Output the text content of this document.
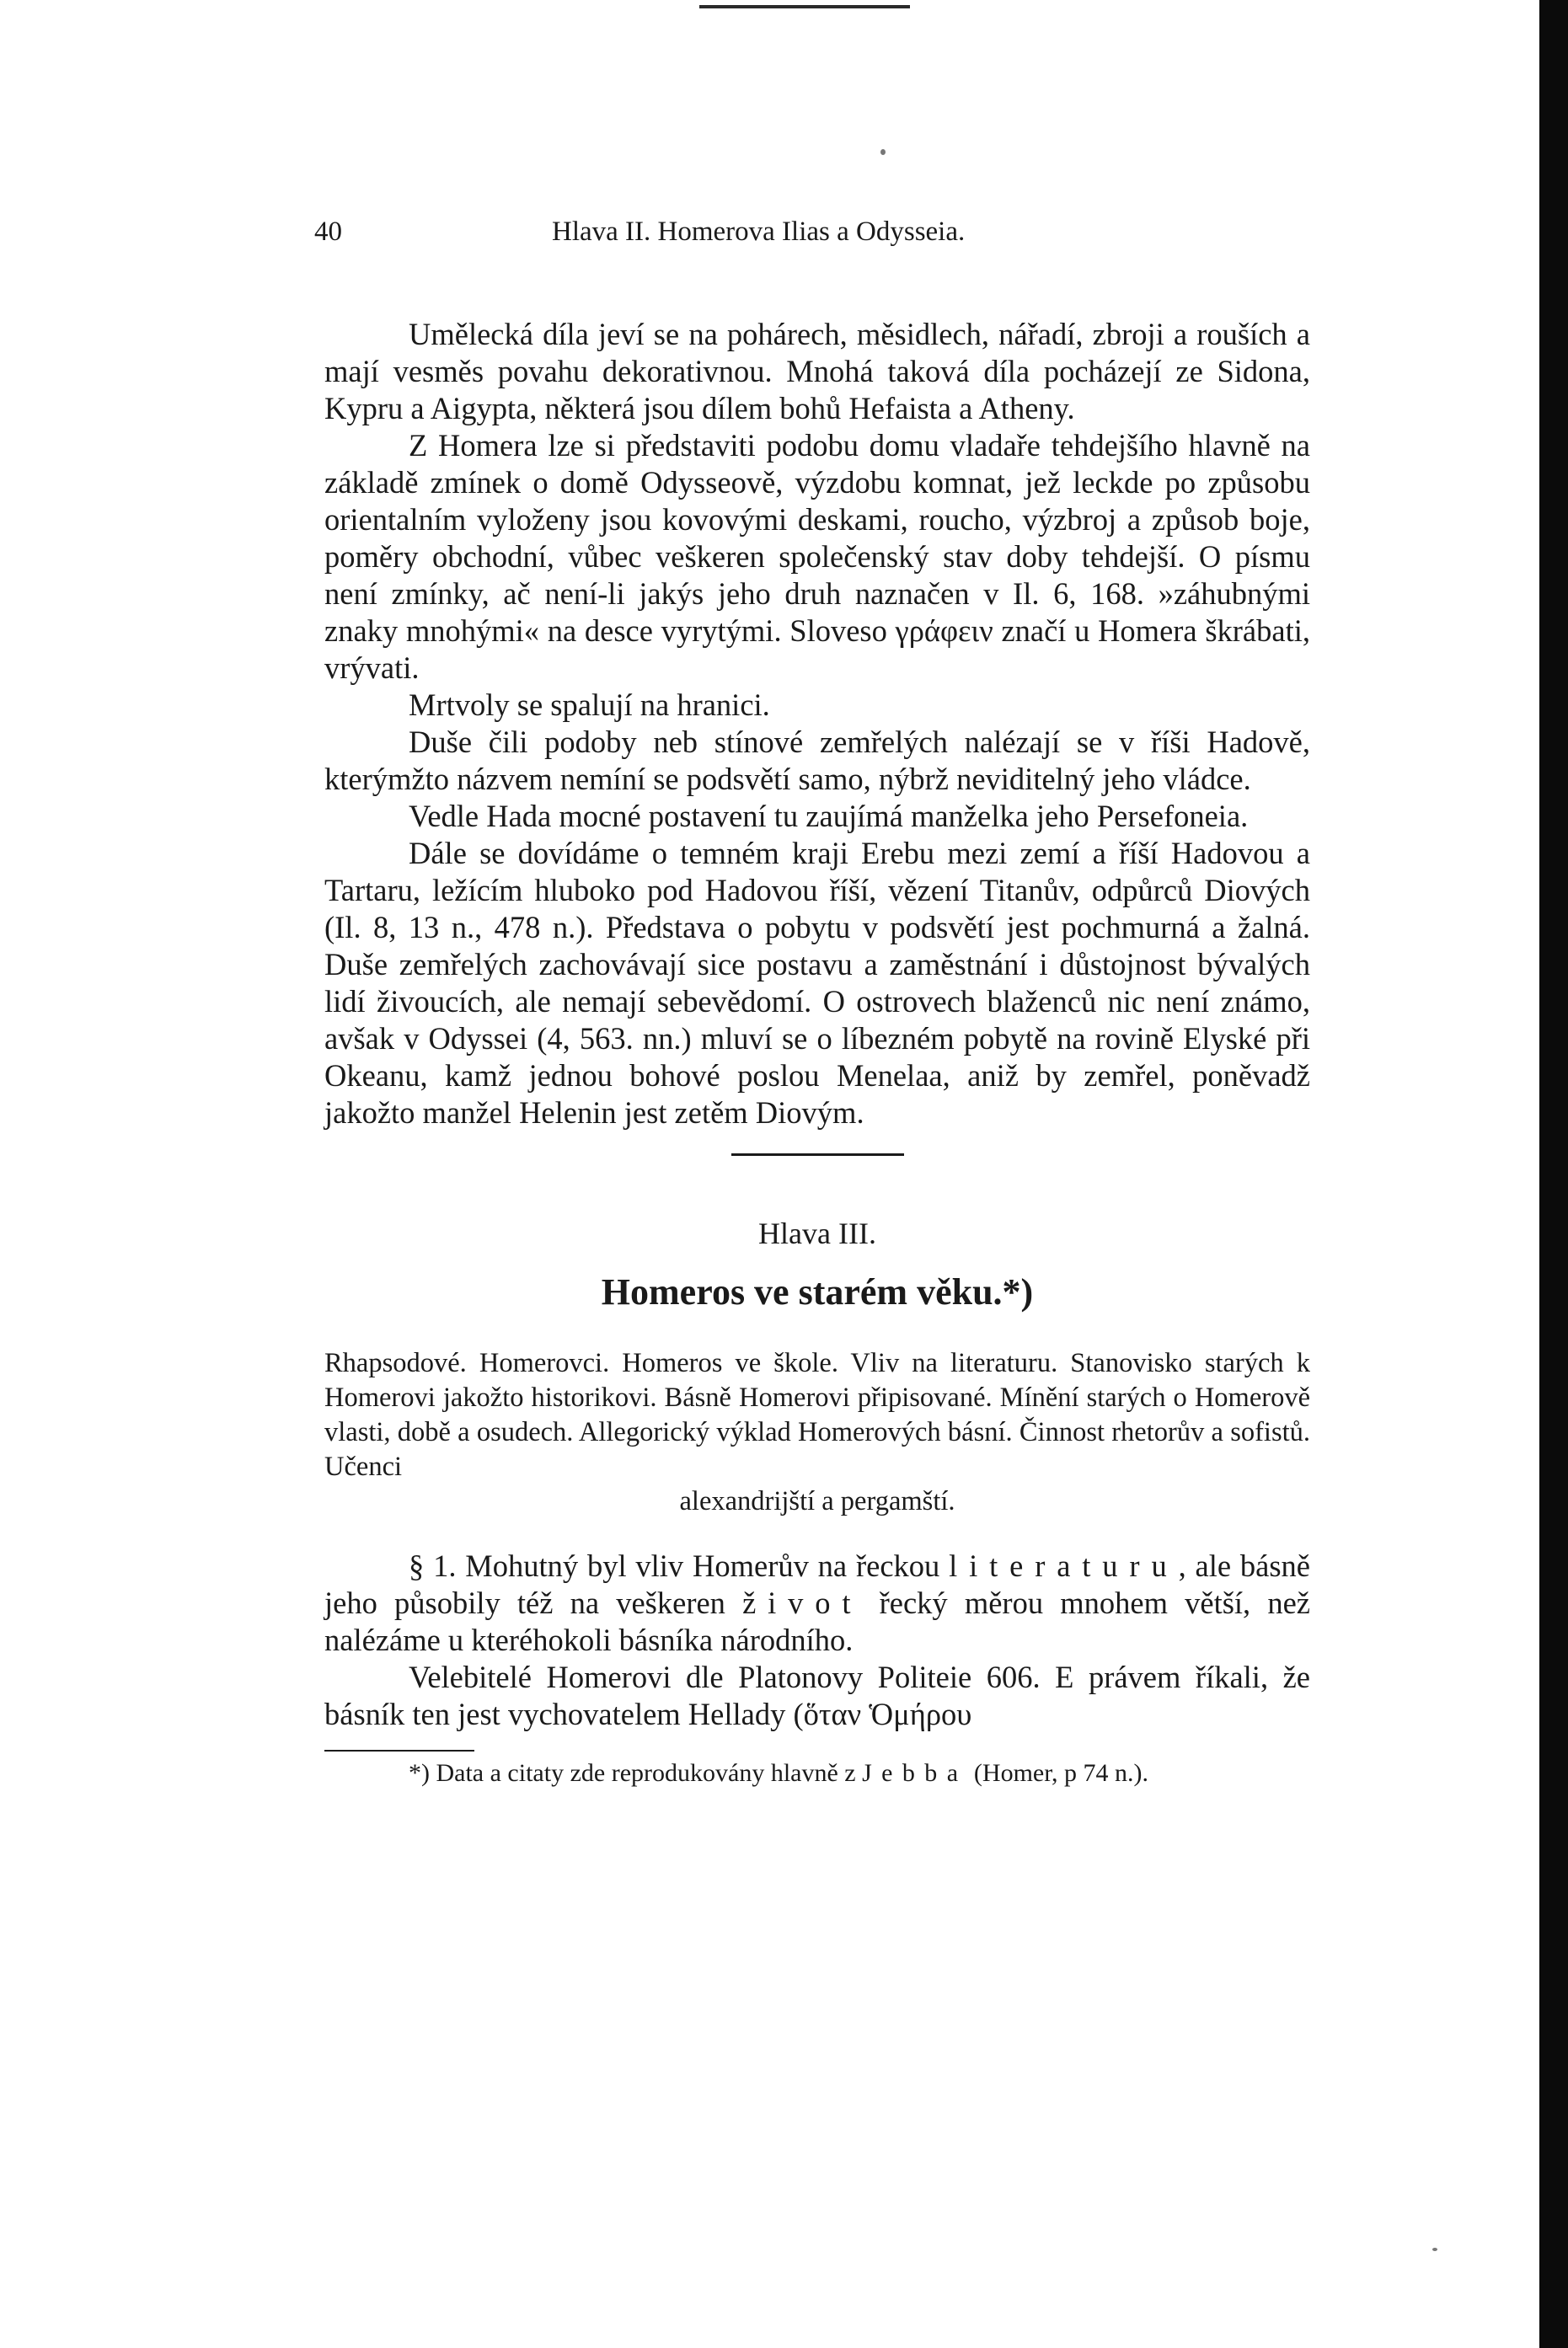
40	Hlava II. Homerova Ilias a Odysseia.

Umělecká díla jeví se na pohárech, měsidlech, nářadí, zbroji a rouších a mají vesměs povahu dekorativnou. Mnohá taková díla pocházejí ze Sidona, Kypru a Aigypta, některá jsou dílem bohů Hefaista a Atheny.

Z Homera lze si představiti podobu domu vladaře tehdejšího hlavně na základě zmínek o domě Odysseově, výzdobu komnat, jež leckde po způsobu orientalním vyloženy jsou kovovými deskami, roucho, výzbroj a způsob boje, poměry obchodní, vůbec veškeren společenský stav doby tehdejší. O písmu není zmínky, ač není-li jakýs jeho druh naznačen v Il. 6, 168. »záhubnými znaky mnohými« na desce vyrytými. Sloveso γράφειν značí u Homera škrábati, vrývati.

Mrtvoly se spalují na hranici.

Duše čili podoby neb stínové zemřelých nalézají se v říši Hadově, kterýmžto názvem nemíní se podsvětí samo, nýbrž neviditelný jeho vládce.

Vedle Hada mocné postavení tu zaujímá manželka jeho Persefoneia.

Dále se dovídáme o temném kraji Erebu mezi zemí a říší Hadovou a Tartaru, ležícím hluboko pod Hadovou říší, vězení Titanův, odpůrců Diových (Il. 8, 13 n., 478 n.). Představa o pobytu v podsvětí jest pochmurná a žalná. Duše zemřelých zachovávají sice postavu a zaměstnání i důstojnost bývalých lidí živoucích, ale nemají sebevědomí. O ostrovech blaženců nic není známo, avšak v Odyssei (4, 563. nn.) mluví se o líbezném pobytě na rovině Elyské při Okeanu, kamž jednou bohové poslou Menelaa, aniž by zemřel, poněvadž jakožto manžel Helenin jest zetěm Diovým.

Hlava III.
Homeros ve starém věku.*)
Rhapsodové. Homerovci. Homeros ve škole. Vliv na literaturu. Stanovisko starých k Homerovi jakožto historikovi. Básně Homerovi připisované. Mínění starých o Homerově vlasti, době a osudech. Allegorický výklad Homerových básní. Činnost rhetorův a sofistů. Učenci
alexandrijští a pergamští.

§ 1. Mohutný byl vliv Homerův na řeckou literaturu, ale básně jeho působily též na veškeren život řecký měrou mnohem větší, než nalézáme u kteréhokoli básníka národního.

Velebitelé Homerovi dle Platonovy Politeie 606. E právem říkali, že básník ten jest vychovatelem Hellady (ὅταν Ὁμήρου

*) Data a citaty zde reprodukovány hlavně z Jebba (Homer, p 74 n.).
